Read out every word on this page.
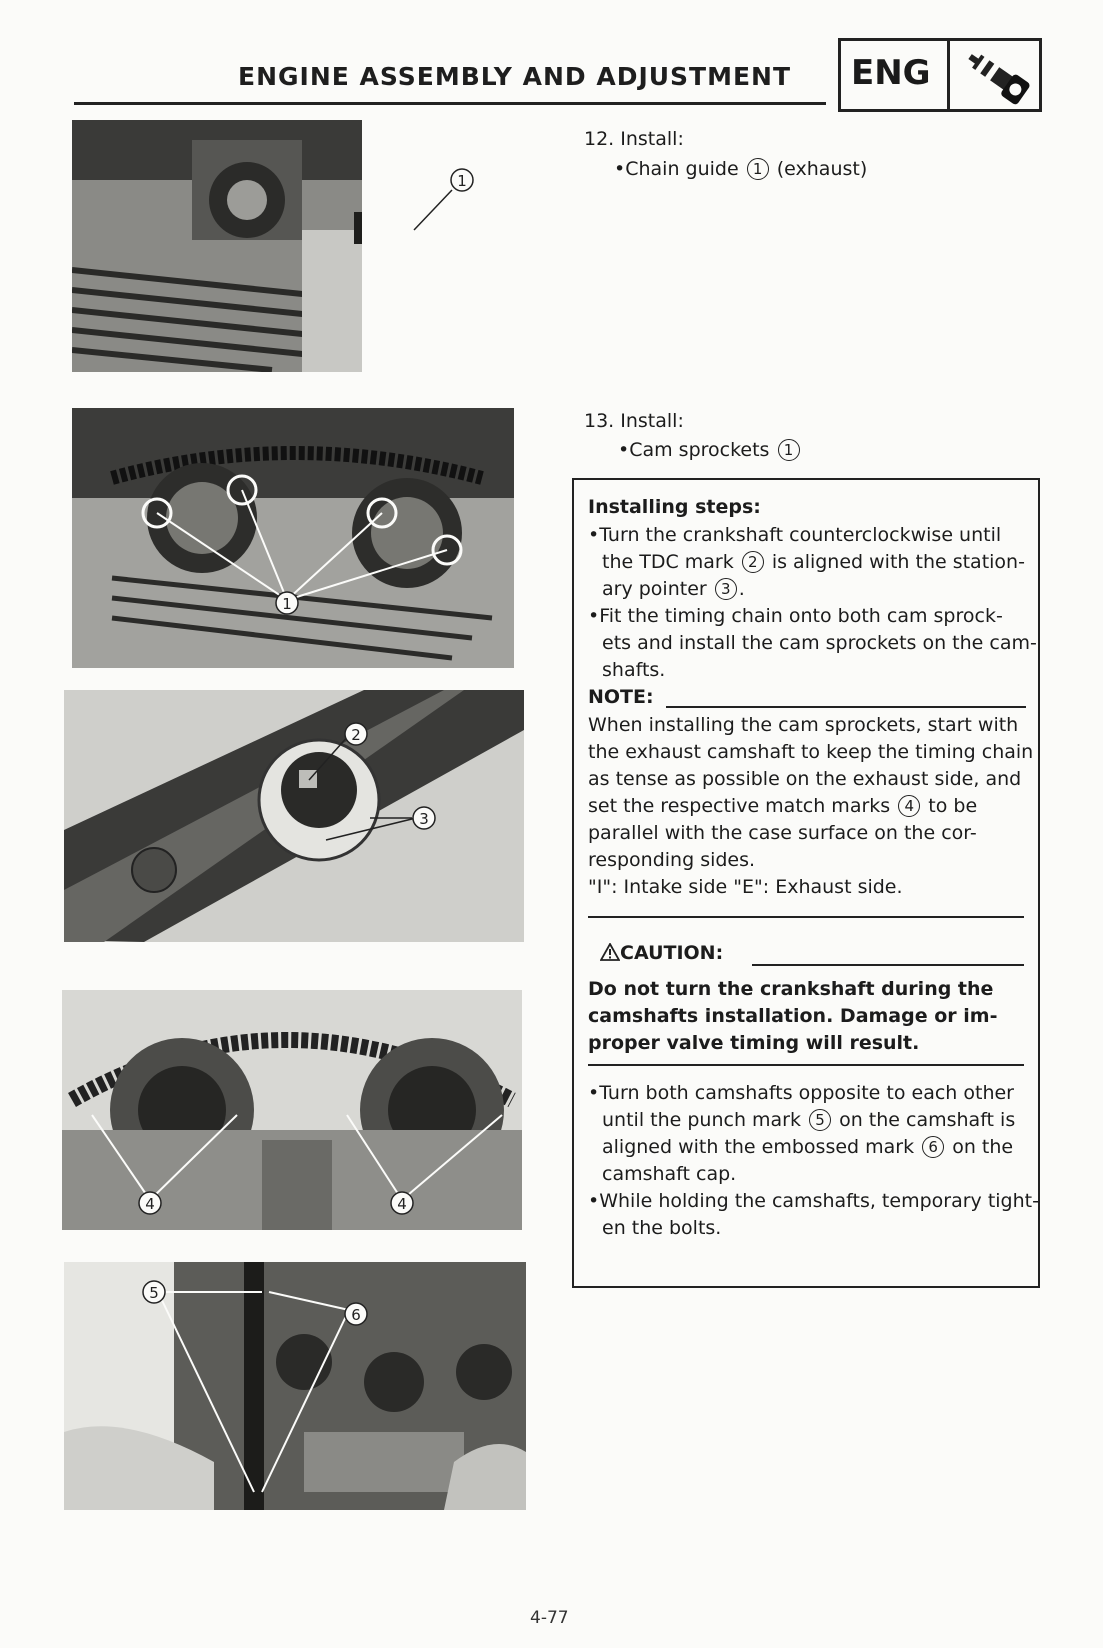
ENGINE ASSEMBLY AND ADJUSTMENT	ENG
1
1
2
3
4	4
5
6
12. Install:
•Chain guide 1 (exhaust)
13. Install:
•Cam sprockets 1
Installing steps:
•Turn the crankshaft counterclockwise until
the TDC mark 2 is aligned with the station-
ary pointer 3 .
•Fit the timing chain onto both cam sprock-
ets and install the cam sprockets on the cam-
shafts.
NOTE:
When installing the cam sprockets, start with
the exhaust camshaft to keep the timing chain
as tense as possible on the exhaust side, and
set the respective match marks 4 to be
parallel with the case surface on the cor-
responding sides.
"I": Intake side "E": Exhaust side.
CAUTION:
Do not turn the crankshaft during the
camshafts installation. Damage or im-
proper valve timing will result.
•Turn both camshafts opposite to each other
until the punch mark 5 on the camshaft is
aligned with the embossed mark 6 on the
camshaft cap.
•While holding the camshafts, temporary tight-
en the bolts.
4-77
